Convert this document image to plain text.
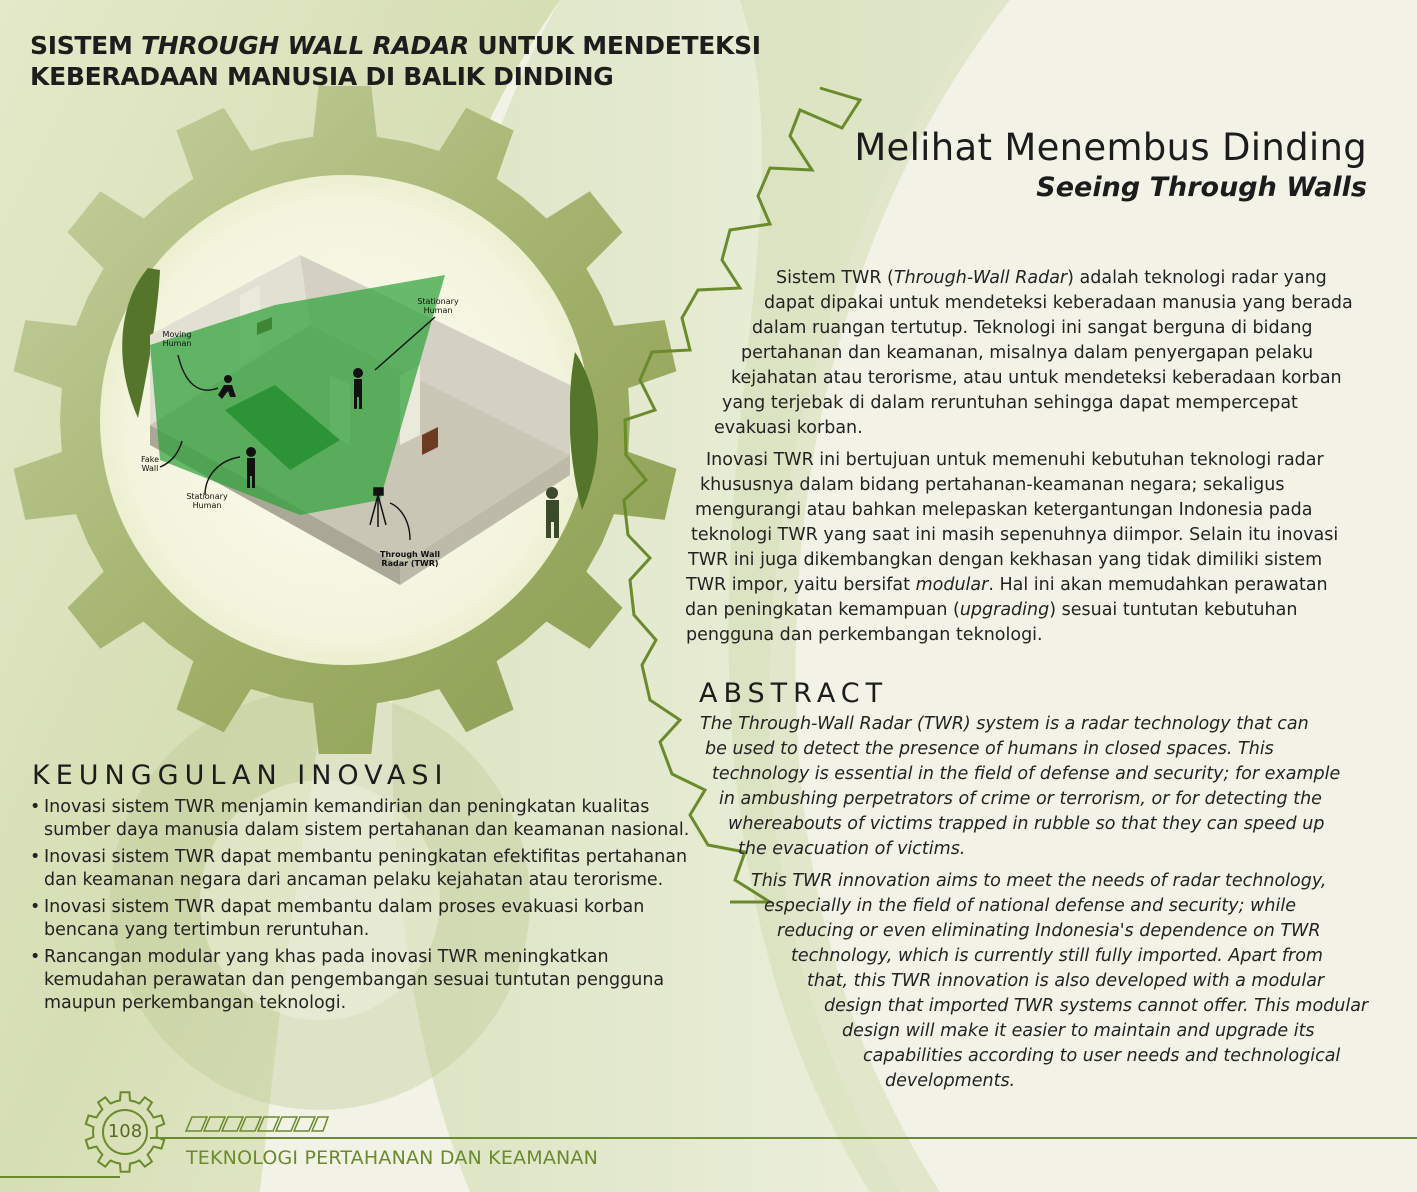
Stationary
Human
Moving
Human
Fake
Wall
Stationary
Human
Through Wall
Radar (TWR)
SISTEM THROUGH WALL RADAR UNTUK MENDETEKSI
KEBERADAAN MANUSIA DI BALIK DINDING
Melihat Menembus Dinding
Seeing Through Walls
Sistem TWR (Through-Wall Radar) adalah teknologi radar yang
dapat dipakai untuk mendeteksi keberadaan manusia yang berada
dalam ruangan tertutup. Teknologi ini sangat berguna di bidang
pertahanan dan keamanan, misalnya dalam penyergapan pelaku
kejahatan atau terorisme, atau untuk mendeteksi keberadaan korban
yang terjebak di dalam reruntuhan sehingga dapat mempercepat
evakuasi korban.
Inovasi TWR ini bertujuan untuk memenuhi kebutuhan teknologi radar
khususnya dalam bidang pertahanan-keamanan negara; sekaligus
mengurangi atau bahkan melepaskan ketergantungan Indonesia pada
teknologi TWR yang saat ini masih sepenuhnya diimpor. Selain itu inovasi
TWR ini juga dikembangkan dengan kekhasan yang tidak dimiliki sistem
TWR impor, yaitu bersifat modular. Hal ini akan memudahkan perawatan
dan peningkatan kemampuan (upgrading) sesuai tuntutan kebutuhan
pengguna dan perkembangan teknologi.
ABSTRACT
The Through-Wall Radar (TWR) system is a radar technology that can
be used to detect the presence of humans in closed spaces. This
technology is essential in the field of defense and security; for example
in ambushing perpetrators of crime or terrorism, or for detecting the
whereabouts of victims trapped in rubble so that they can speed up
the evacuation of victims.
This TWR innovation aims to meet the needs of radar technology,
especially in the field of national defense and security; while
reducing or even eliminating Indonesia's dependence on TWR
technology, which is currently still fully imported. Apart from
that, this TWR innovation is also developed with a modular
design that imported TWR systems cannot offer. This modular
design will make it easier to maintain and upgrade its
capabilities according to user needs and technological
developments.
KEUNGGULAN INOVASI
• Inovasi sistem TWR menjamin kemandirian dan peningkatan kualitas sumber daya manusia dalam sistem pertahanan dan keamanan nasional.
• Inovasi sistem TWR dapat membantu peningkatan efektifitas pertahanan dan keamanan negara dari ancaman pelaku kejahatan atau terorisme.
• Inovasi sistem TWR dapat membantu dalam proses evakuasi korban bencana yang tertimbun reruntuhan.
• Rancangan modular yang khas pada inovasi TWR meningkatkan kemudahan perawatan dan pengembangan sesuai tuntutan pengguna maupun perkembangan teknologi.
108
TEKNOLOGI PERTAHANAN DAN KEAMANAN
